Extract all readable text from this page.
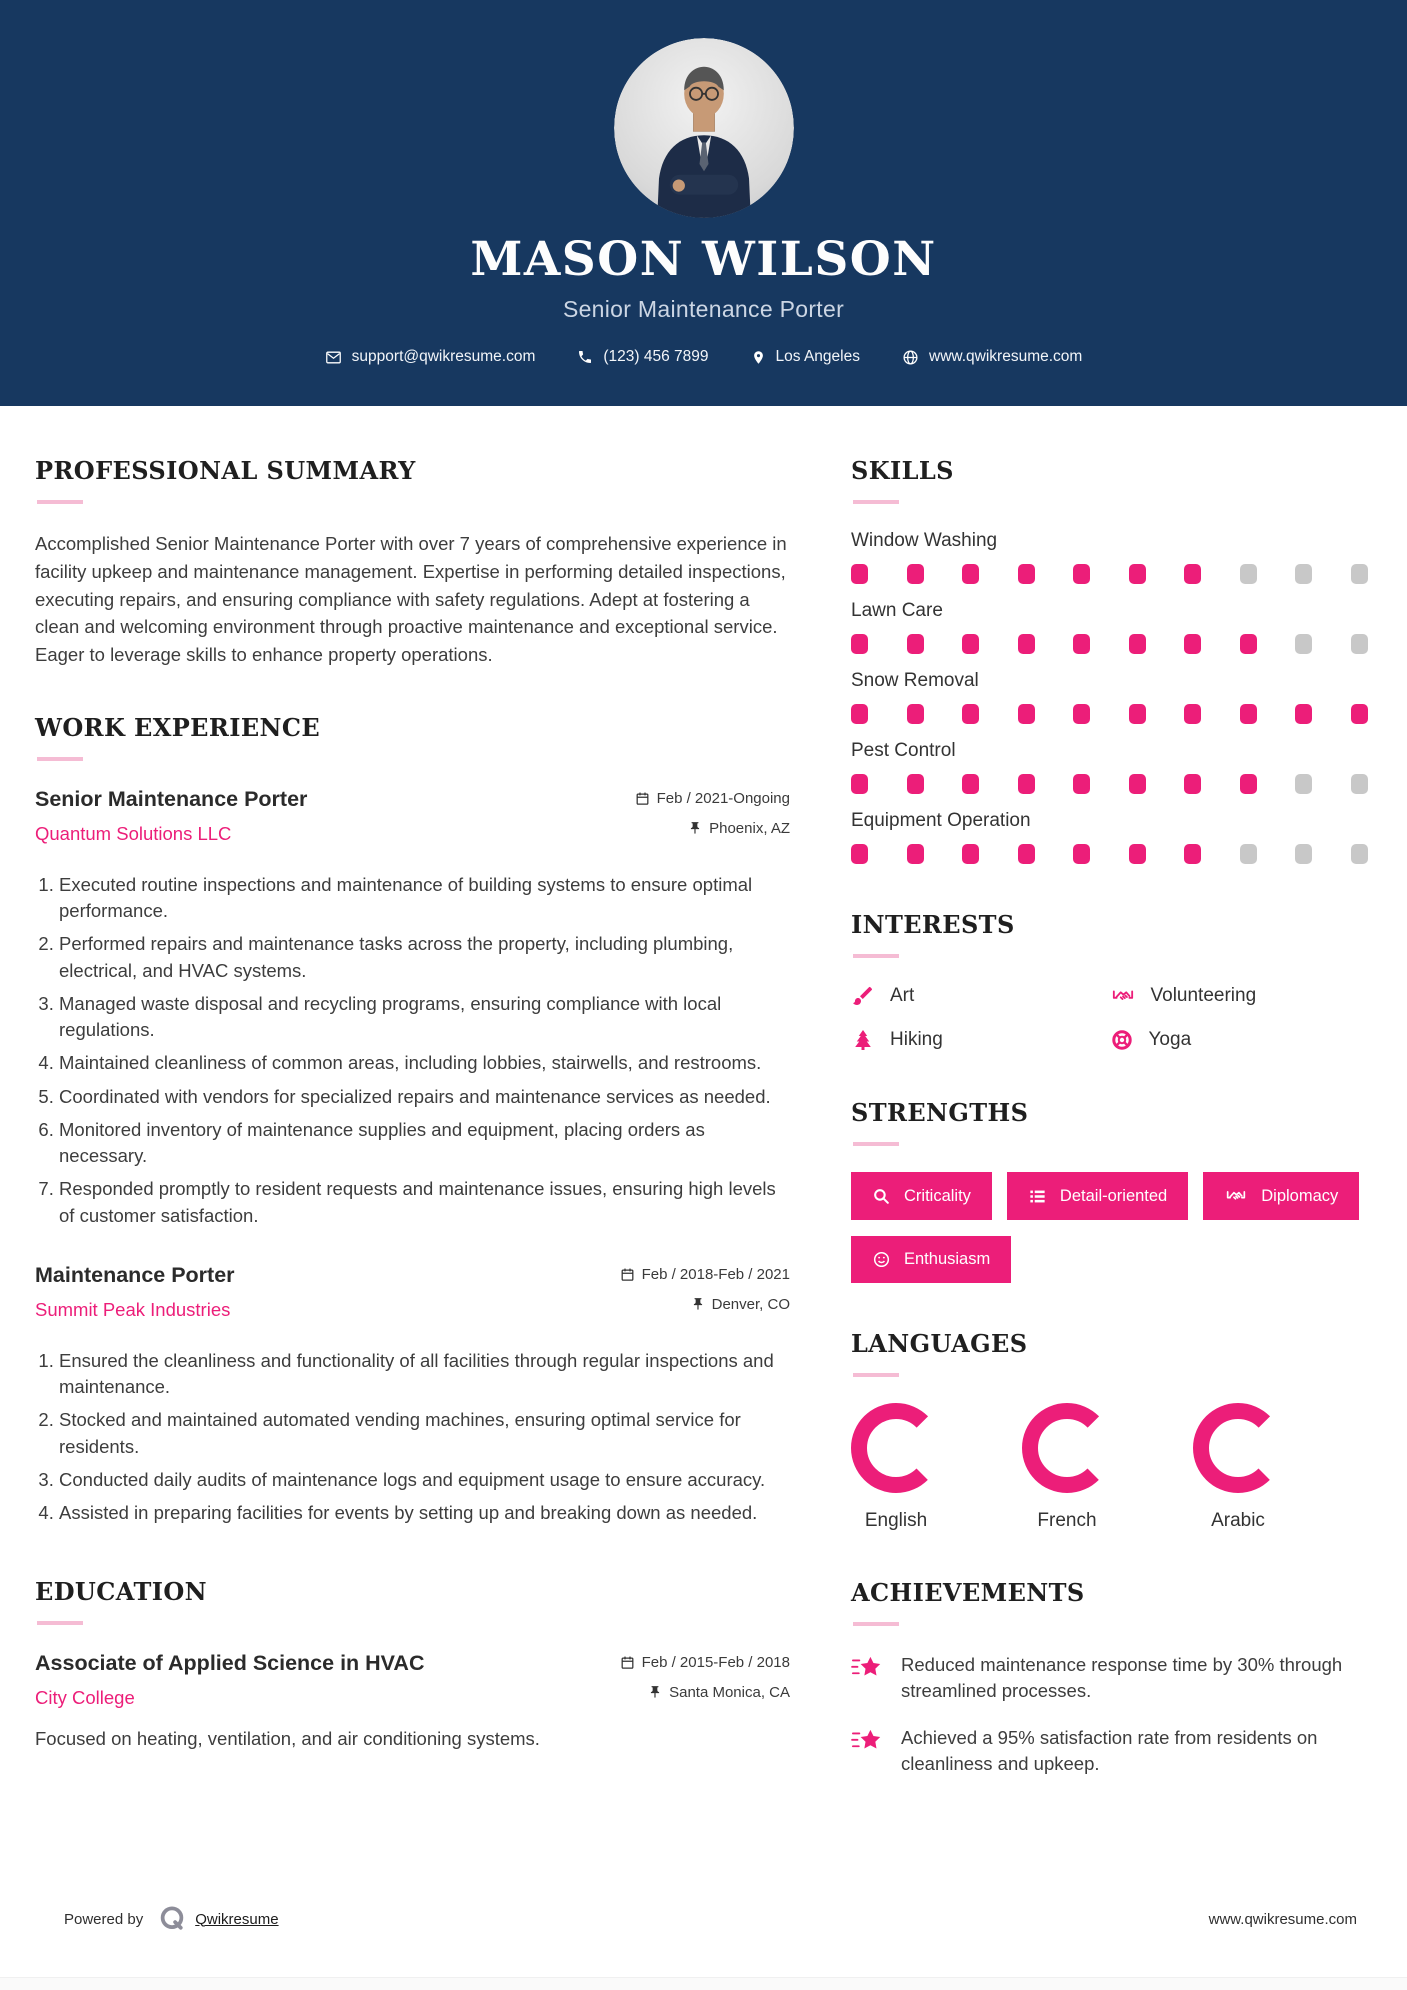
MASON WILSON
Senior Maintenance Porter
support@qwikresume.com	(123) 456 7899	Los Angeles	www.qwikresume.com
PROFESSIONAL SUMMARY

Accomplished Senior Maintenance Porter with over 7 years of comprehensive experience in facility upkeep and maintenance management. Expertise in performing detailed inspections, executing repairs, and ensuring compliance with safety regulations. Adept at fostering a clean and welcoming environment through proactive maintenance and exceptional service. Eager to leverage skills to enhance property operations.

WORK EXPERIENCE
Senior Maintenance Porter
Quantum Solutions LLC
Feb / 2021-Ongoing
Phoenix, AZ
1. Executed routine inspections and maintenance of building systems to ensure optimal performance.
2. Performed repairs and maintenance tasks across the property, including plumbing, electrical, and HVAC systems.
3. Managed waste disposal and recycling programs, ensuring compliance with local regulations.
4. Maintained cleanliness of common areas, including lobbies, stairwells, and restrooms.
5. Coordinated with vendors for specialized repairs and maintenance services as needed.
6. Monitored inventory of maintenance supplies and equipment, placing orders as necessary.
7. Responded promptly to resident requests and maintenance issues, ensuring high levels of customer satisfaction.
Maintenance Porter
Summit Peak Industries
Feb / 2018-Feb / 2021
Denver, CO
1. Ensured the cleanliness and functionality of all facilities through regular inspections and maintenance.
2. Stocked and maintained automated vending machines, ensuring optimal service for residents.
3. Conducted daily audits of maintenance logs and equipment usage to ensure accuracy.
4. Assisted in preparing facilities for events by setting up and breaking down as needed.
EDUCATION
Associate of Applied Science in HVAC
City College
Feb / 2015-Feb / 2018
Santa Monica, CA

Focused on heating, ventilation, and air conditioning systems.

SKILLS
Window Washing
Lawn Care
Snow Removal
Pest Control
Equipment Operation
INTERESTS
Art	Volunteering
Hiking	Yoga
STRENGTHS
Criticality	Detail-oriented	Diplomacy
Enthusiasm
LANGUAGES
English	French	Arabic
ACHIEVEMENTS
Reduced maintenance response time by 30% through streamlined processes.
Achieved a 95% satisfaction rate from residents on cleanliness and upkeep.
Powered by	Qwikresume	www.qwikresume.com
